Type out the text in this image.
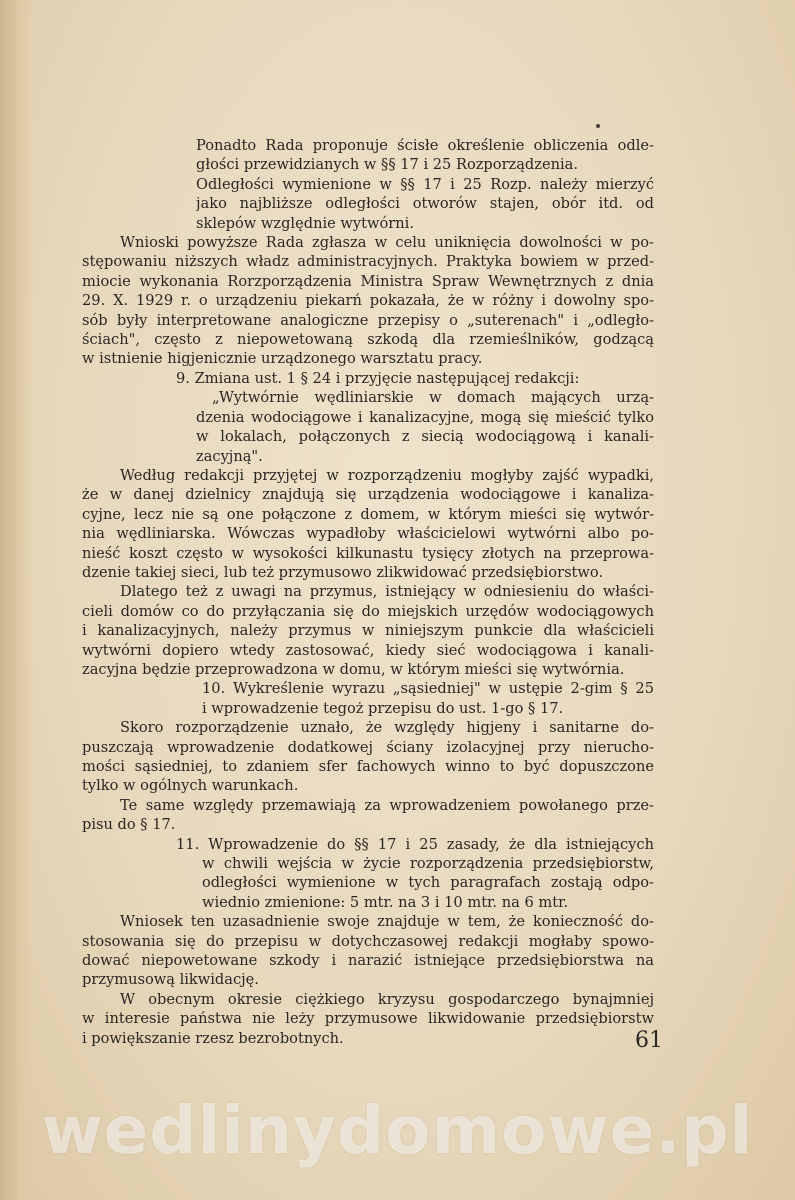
Ponadto Rada proponuje ścisłe określenie obliczenia odle-
głości przewidzianych w §§ 17 i 25 Rozporządzenia.
Odległości wymienione w §§ 17 i 25 Rozp. należy mierzyć
jako najbliższe odległości otworów stajen, obór itd. od
sklepów względnie wytwórni.
Wnioski powyższe Rada zgłasza w celu uniknięcia dowolności w po-
stępowaniu niższych władz administracyjnych. Praktyka bowiem w przed-
miocie wykonania Rorzporządzenia Ministra Spraw Wewnętrznych z dnia
29. X. 1929 r. o urządzeniu piekarń pokazała, że w różny i dowolny spo-
sób były interpretowane analogiczne przepisy o „suterenach" i „odległo-
ściach", często z niepowetowaną szkodą dla rzemieślników, godzącą
w istnienie higjenicznie urządzonego warsztatu pracy.
9. Zmiana ust. 1 § 24 i przyjęcie następującej redakcji:
„Wytwórnie wędliniarskie w domach mających urzą-
dzenia wodociągowe i kanalizacyjne, mogą się mieścić tylko
w lokalach, połączonych z siecią wodociągową i kanali-
zacyjną".
Według redakcji przyjętej w rozporządzeniu mogłyby zajść wypadki,
że w danej dzielnicy znajdują się urządzenia wodociągowe i kanaliza-
cyjne, lecz nie są one połączone z domem, w którym mieści się wytwór-
nia wędliniarska. Wówczas wypadłoby właścicielowi wytwórni albo po-
nieść koszt często w wysokości kilkunastu tysięcy złotych na przeprowa-
dzenie takiej sieci, lub też przymusowo zlikwidować przedsiębiorstwo.
Dlatego też z uwagi na przymus, istniejący w odniesieniu do właści-
cieli domów co do przyłączania się do miejskich urzędów wodociągowych
i kanalizacyjnych, należy przymus w niniejszym punkcie dla właścicieli
wytwórni dopiero wtedy zastosować, kiedy sieć wodociągowa i kanali-
zacyjna będzie przeprowadzona w domu, w którym mieści się wytwórnia.
10. Wykreślenie wyrazu „sąsiedniej" w ustępie 2-gim § 25
i wprowadzenie tegoż przepisu do ust. 1-go § 17.
Skoro rozporządzenie uznało, że względy higjeny i sanitarne do-
puszczają wprowadzenie dodatkowej ściany izolacyjnej przy nierucho-
mości sąsiedniej, to zdaniem sfer fachowych winno to być dopuszczone
tylko w ogólnych warunkach.
Te same względy przemawiają za wprowadzeniem powołanego prze-
pisu do § 17.
11. Wprowadzenie do §§ 17 i 25 zasady, że dla istniejących
w chwili wejścia w życie rozporządzenia przedsiębiorstw,
odległości wymienione w tych paragrafach zostają odpo-
wiednio zmienione: 5 mtr. na 3 i 10 mtr. na 6 mtr.
Wniosek ten uzasadnienie swoje znajduje w tem, że konieczność do-
stosowania się do przepisu w dotychczasowej redakcji mogłaby spowo-
dować niepowetowane szkody i narazić istniejące przedsiębiorstwa na
przymusową likwidację.
W obecnym okresie ciężkiego kryzysu gospodarczego bynajmniej
w interesie państwa nie leży przymusowe likwidowanie przedsiębiorstw
i powiększanie rzesz bezrobotnych.	61
wedlinydomowe.pl
